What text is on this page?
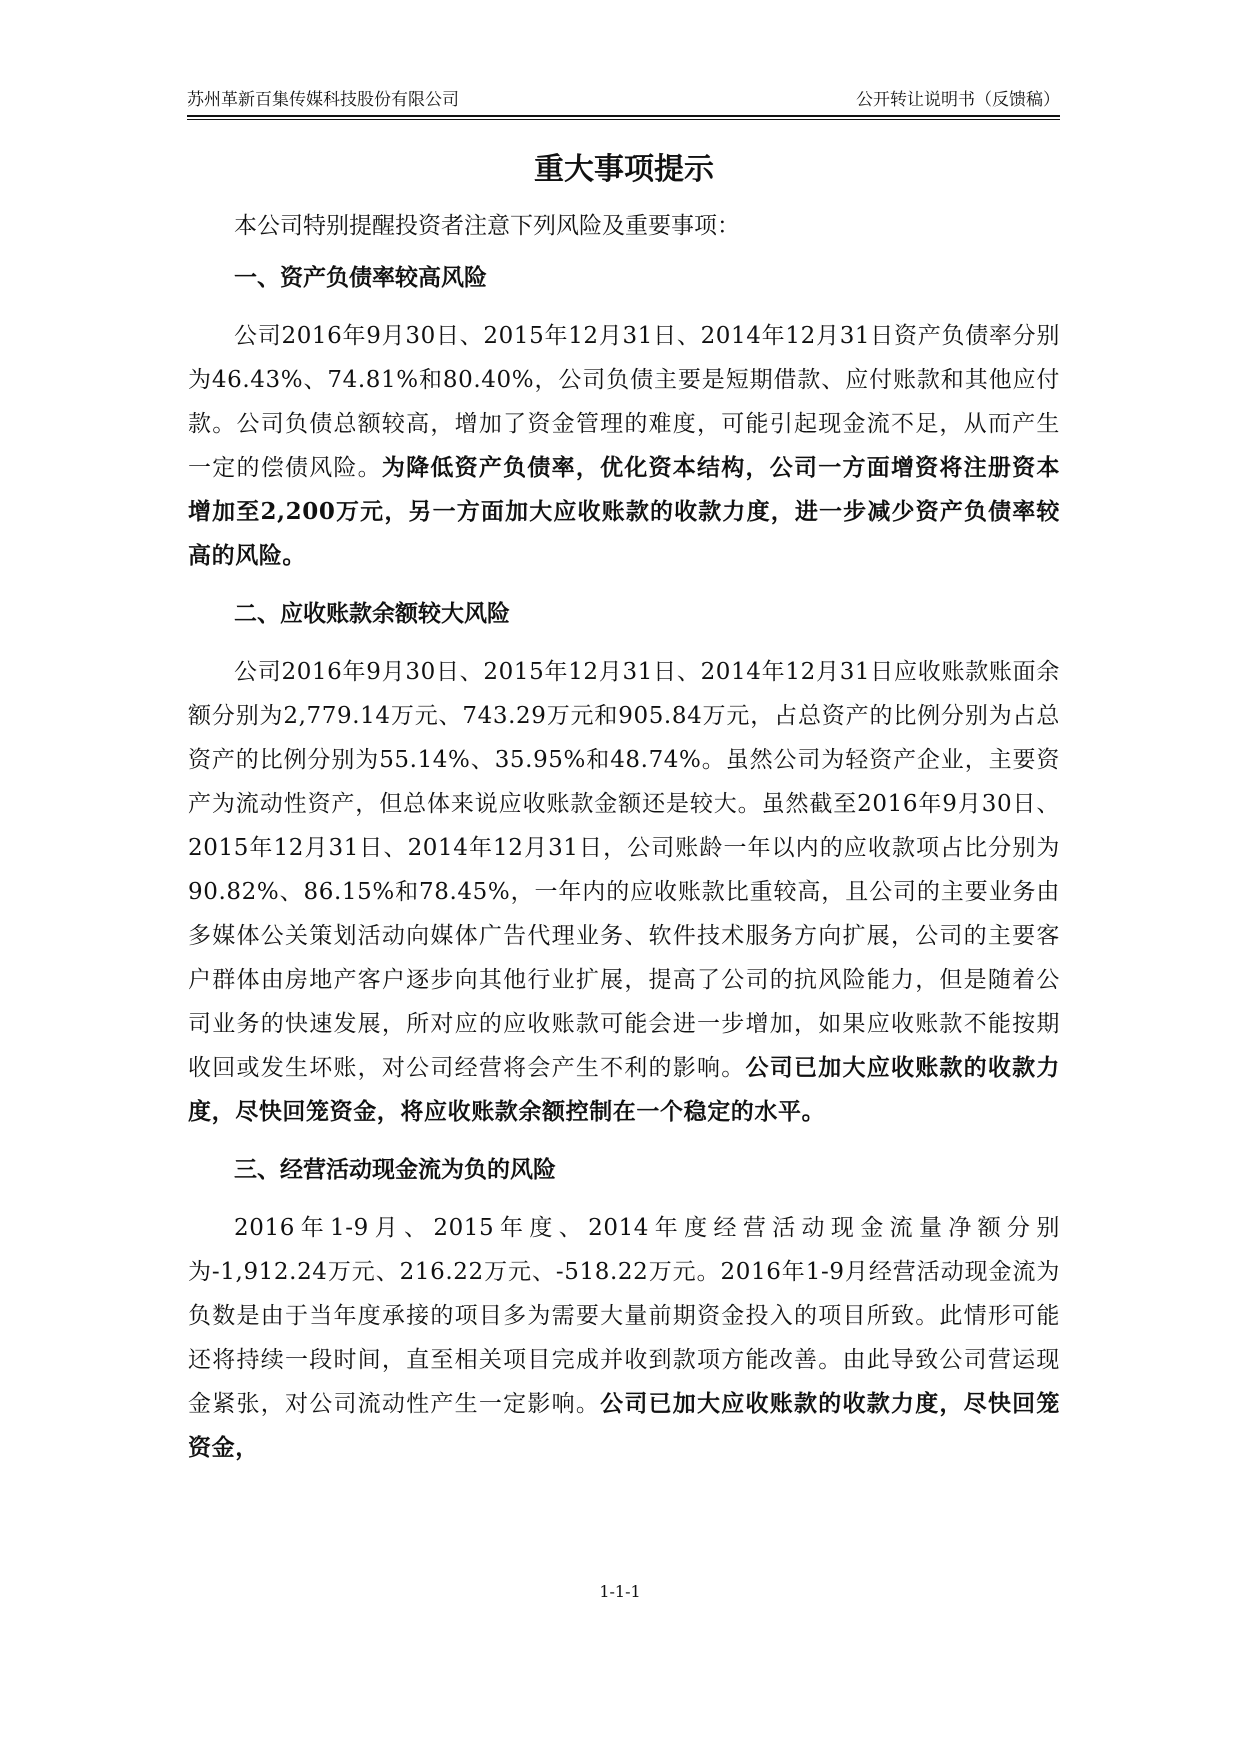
苏州革新百集传媒科技股份有限公司	公开转让说明书（反馈稿）
重大事项提示
本公司特别提醒投资者注意下列风险及重要事项：
一、资产负债率较高风险

公司2016年9月30日、2015年12月31日、2014年12月31日资产负债率分别为46.43%、74.81%和80.40%，公司负债主要是短期借款、应付账款和其他应付款。公司负债总额较高，增加了资金管理的难度，可能引起现金流不足，从而产生一定的偿债风险。为降低资产负债率，优化资本结构，公司一方面增资将注册资本增加至2,200万元，另一方面加大应收账款的收款力度，进一步减少资产负债率较高的风险。

二、应收账款余额较大风险

公司2016年9月30日、2015年12月31日、2014年12月31日应收账款账面余额分别为2,779.14万元、743.29万元和905.84万元，占总资产的比例分别为占总资产的比例分别为55.14%、35.95%和48.74%。虽然公司为轻资产企业，主要资产为流动性资产，但总体来说应收账款金额还是较大。虽然截至2016年9月30日、2015年12月31日、2014年12月31日，公司账龄一年以内的应收款项占比分别为90.82%、86.15%和78.45%，一年内的应收账款比重较高，且公司的主要业务由多媒体公关策划活动向媒体广告代理业务、软件技术服务方向扩展，公司的主要客户群体由房地产客户逐步向其他行业扩展，提高了公司的抗风险能力，但是随着公司业务的快速发展，所对应的应收账款可能会进一步增加，如果应收账款不能按期收回或发生坏账，对公司经营将会产生不利的影响。公司已加大应收账款的收款力度，尽快回笼资金，将应收账款余额控制在一个稳定的水平。

三、经营活动现金流为负的风险

2016年1-9月、2015年度、2014年度经营活动现金流量净额分别为-1,912.24万元、216.22万元、-518.22万元。2016年1-9月经营活动现金流为负数是由于当年度承接的项目多为需要大量前期资金投入的项目所致。此情形可能还将持续一段时间，直至相关项目完成并收到款项方能改善。由此导致公司营运现金紧张，对公司流动性产生一定影响。公司已加大应收账款的收款力度，尽快回笼资金，

1-1-1
